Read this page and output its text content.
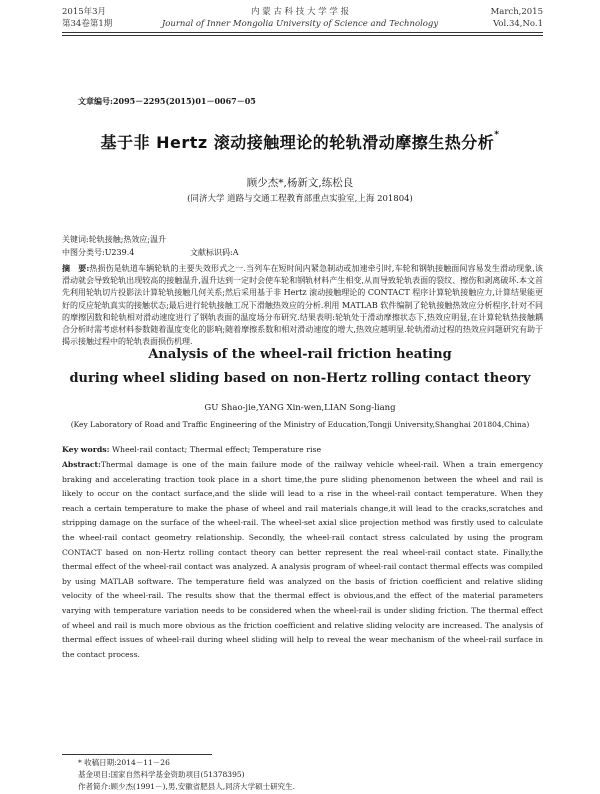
2015年3月
第34卷第1期
内 蒙 古 科 技 大 学 学 报
Journal of Inner Mongolia University of Science and Technology
March,2015
Vol.34,No.1
文章编号:2095－2295(2015)01－0067－05
基于非 Hertz 滚动接触理论的轮轨滑动摩擦生热分析*
顾少杰*,杨新文,练松良
(同济大学 道路与交通工程教育部重点实验室,上海 201804)
关键词:轮轨接触;热效应;温升
中图分类号:U239.4	文献标识码:A
摘　要:热损伤是轨道车辆轮轨的主要失效形式之一.当列车在短时间内紧急制动或加速牵引时,车轮和钢轨接触面间容易发生滑动现象,该滑动就会导致轮轨出现较高的接触温升,温升达到一定时会使车轮和钢轨材料产生相变,从而导致轮轨表面的裂纹、擦伤和剥离破坏.本文首先利用轮轨切片投影法计算轮轨接触几何关系;然后采用基于非 Hertz 滚动接触理论的 CONTACT 程序计算轮轨接触应力,计算结果能更好的反应轮轨真实的接触状态;最后进行轮轨接触工况下滑触热效应的分析.利用 MATLAB 软件编制了轮轨接触热效应分析程序,针对不同的摩擦因数和轮轨相对滑动速度进行了钢轨表面的温度场分布研究.结果表明:轮轨处于滑动摩擦状态下,热效应明显,在计算轮轨热接触耦合分析时需考虑材料参数随着温度变化的影响;随着摩擦系数和相对滑动速度的增大,热效应越明显.轮轨滑动过程的热效应问题研究有助于揭示接触过程中的轮轨表面损伤机理.
Analysis of the wheel-rail friction heating
during wheel sliding based on non-Hertz rolling contact theory
GU Shao-jie,YANG Xin-wen,LIAN Song-liang
(Key Laboratory of Road and Traffic Engineering of the Ministry of Education,Tongji University,Shanghai 201804,China)
Key words: Wheel-rail contact; Thermal effect; Temperature rise
Abstract:Thermal damage is one of the main failure mode of the railway vehicle wheel-rail. When a train emergency braking and accelerating traction took place in a short time,the pure sliding phenomenon between the wheel and rail is likely to occur on the contact surface,and the slide will lead to a rise in the wheel-rail contact temperature. When they reach a certain temperature to make the phase of wheel and rail materials change,it will lead to the cracks,scratches and stripping damage on the surface of the wheel-rail. The wheel-set axial slice projection method was firstly used to calculate the wheel-rail contact geometry relationship. Secondly, the wheel-rail contact stress calculated by using the program CONTACT based on non-Hertz rolling contact theory can better represent the real wheel-rail contact state. Finally,the thermal effect of the wheel-rail contact was analyzed. A analysis program of wheel-rail contact thermal effects was compiled by using MATLAB software. The temperature field was analyzed on the basis of friction coefficient and relative sliding velocity of the wheel-rail. The results show that the thermal effect is obvious,and the effect of the material parameters varying with temperature variation needs to be considered when the wheel-rail is under sliding friction. The thermal effect of wheel and rail is much more obvious as the friction coefficient and relative sliding velocity are increased. The analysis of thermal effect issues of wheel-rail during wheel sliding will help to reveal the wear mechanism of the wheel-rail surface in the contact process.
* 收稿日期:2014－11－26
基金项目:国家自然科学基金资助项目(51378395)
作者简介:顾少杰(1991－),男,安徽省肥县人,同济大学硕士研究生.
